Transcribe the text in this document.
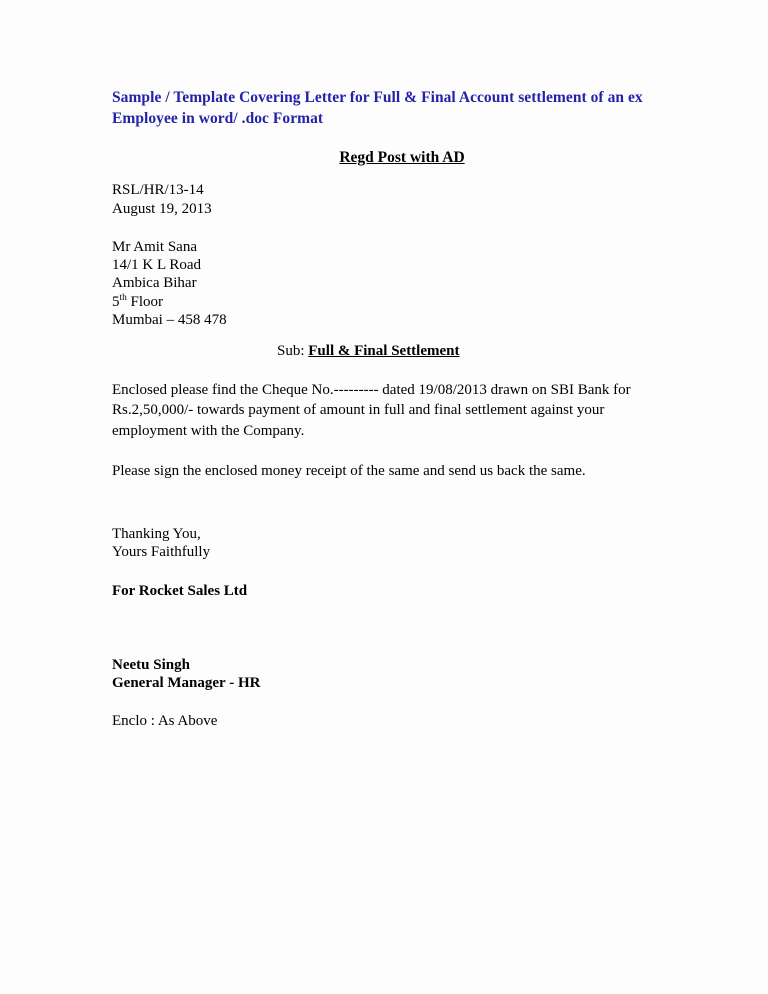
Sample / Template Covering Letter for Full & Final Account settlement of an ex Employee in word/ .doc Format

Regd Post with AD

RSL/HR/13-14

August 19, 2013

Mr Amit Sana

14/1 K L Road

Ambica Bihar

5th Floor

Mumbai – 458 478

Sub: Full & Final Settlement

Enclosed please find the Cheque No.--------- dated 19/08/2013 drawn on SBI Bank for Rs.2,50,000/- towards payment of amount in full and final settlement against your employment with the Company.

Please sign the enclosed money receipt of the same and send us back the same.

Thanking You,

Yours Faithfully

For Rocket Sales Ltd

Neetu Singh

General Manager - HR

Enclo : As Above
